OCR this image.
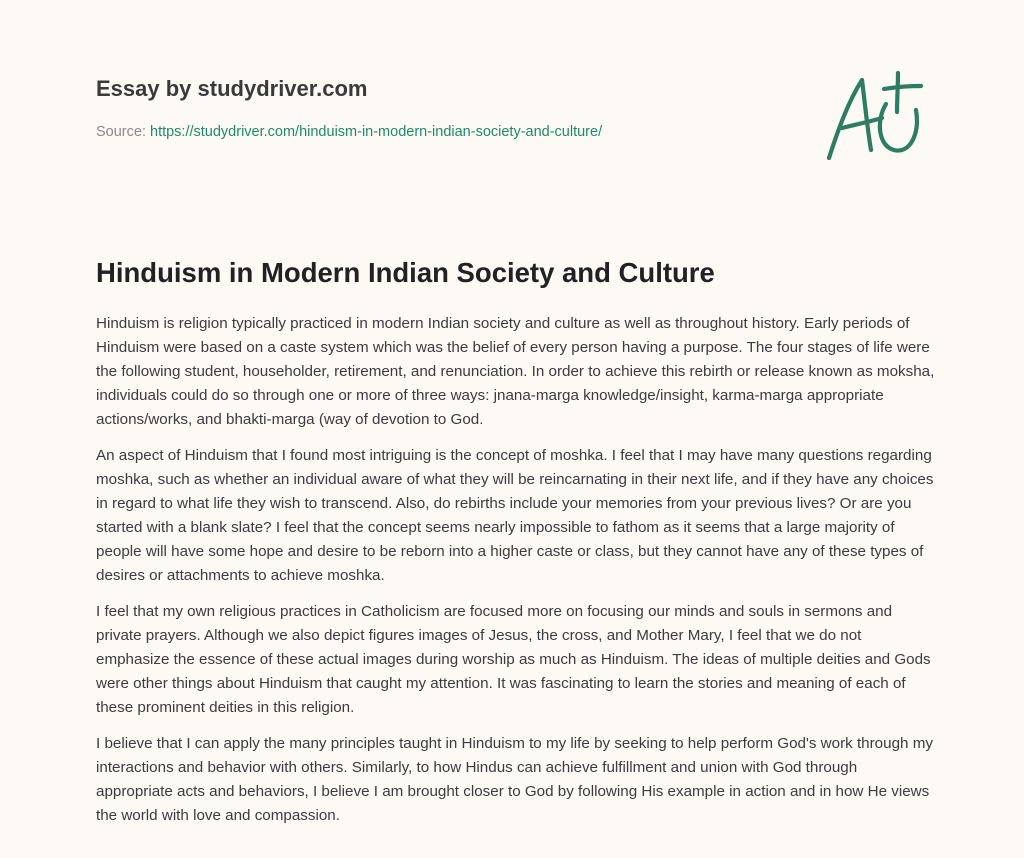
Essay by studydriver.com
Source: https://studydriver.com/hinduism-in-modern-indian-society-and-culture/
Hinduism in Modern Indian Society and Culture

Hinduism is religion typically practiced in modern Indian society and culture as well as throughout history. Early periods of Hinduism were based on a caste system which was the belief of every person having a purpose. The four stages of life were the following student, householder, retirement, and renunciation. In order to achieve this rebirth or release known as moksha, individuals could do so through one or more of three ways: jnana-marga knowledge/insight, karma-marga appropriate actions/works, and bhakti-marga (way of devotion to God.

An aspect of Hinduism that I found most intriguing is the concept of moshka. I feel that I may have many questions regarding moshka, such as whether an individual aware of what they will be reincarnating in their next life, and if they have any choices in regard to what life they wish to transcend. Also, do rebirths include your memories from your previous lives? Or are you started with a blank slate? I feel that the concept seems nearly impossible to fathom as it seems that a large majority of people will have some hope and desire to be reborn into a higher caste or class, but they cannot have any of these types of desires or attachments to achieve moshka.

I feel that my own religious practices in Catholicism are focused more on focusing our minds and souls in sermons and private prayers. Although we also depict figures images of Jesus, the cross, and Mother Mary, I feel that we do not emphasize the essence of these actual images during worship as much as Hinduism. The ideas of multiple deities and Gods were other things about Hinduism that caught my attention. It was fascinating to learn the stories and meaning of each of these prominent deities in this religion.

I believe that I can apply the many principles taught in Hinduism to my life by seeking to help perform God's work through my interactions and behavior with others. Similarly, to how Hindus can achieve fulfillment and union with God through appropriate acts and behaviors, I believe I am brought closer to God by following His example in action and in how He views the world with love and compassion.
